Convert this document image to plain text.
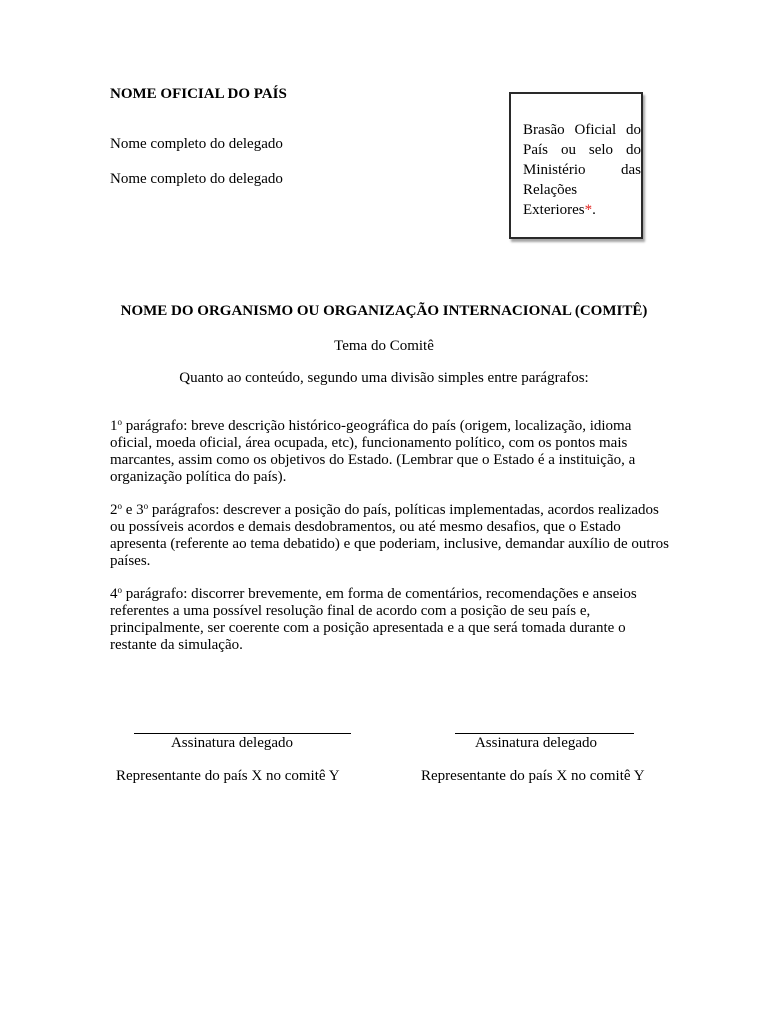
NOME OFICIAL DO PAÍS
Nome completo do delegado
Nome completo do delegado
Brasão Oficial do País ou selo do Ministério das Relações Exteriores*.
NOME DO ORGANISMO OU ORGANIZAÇÃO INTERNACIONAL (COMITÊ)
Tema do Comitê
Quanto ao conteúdo, segundo uma divisão simples entre parágrafos:
1$^o$ parágrafo: breve descrição histórico-geográfica do país (origem, localização, idioma oficial, moeda oficial, área ocupada, etc), funcionamento político, com os pontos mais marcantes, assim como os objetivos do Estado. (Lembrar que o Estado é a instituição, a organização política do país).
2$^o$ e 3$^o$ parágrafos: descrever a posição do país, políticas implementadas, acordos realizados ou possíveis acordos e demais desdobramentos, ou até mesmo desafios, que o Estado apresenta (referente ao tema debatido) e que poderiam, inclusive, demandar auxílio de outros países.
4$^o$ parágrafo: discorrer brevemente, em forma de comentários, recomendações e anseios referentes a uma possível resolução final de acordo com a posição de seu país e, principalmente, ser coerente com a posição apresentada e a que será tomada durante o restante da simulação.
Assinatura delegado	Assinatura delegado
Representante do país X no comitê Y	Representante do país X no comitê Y
